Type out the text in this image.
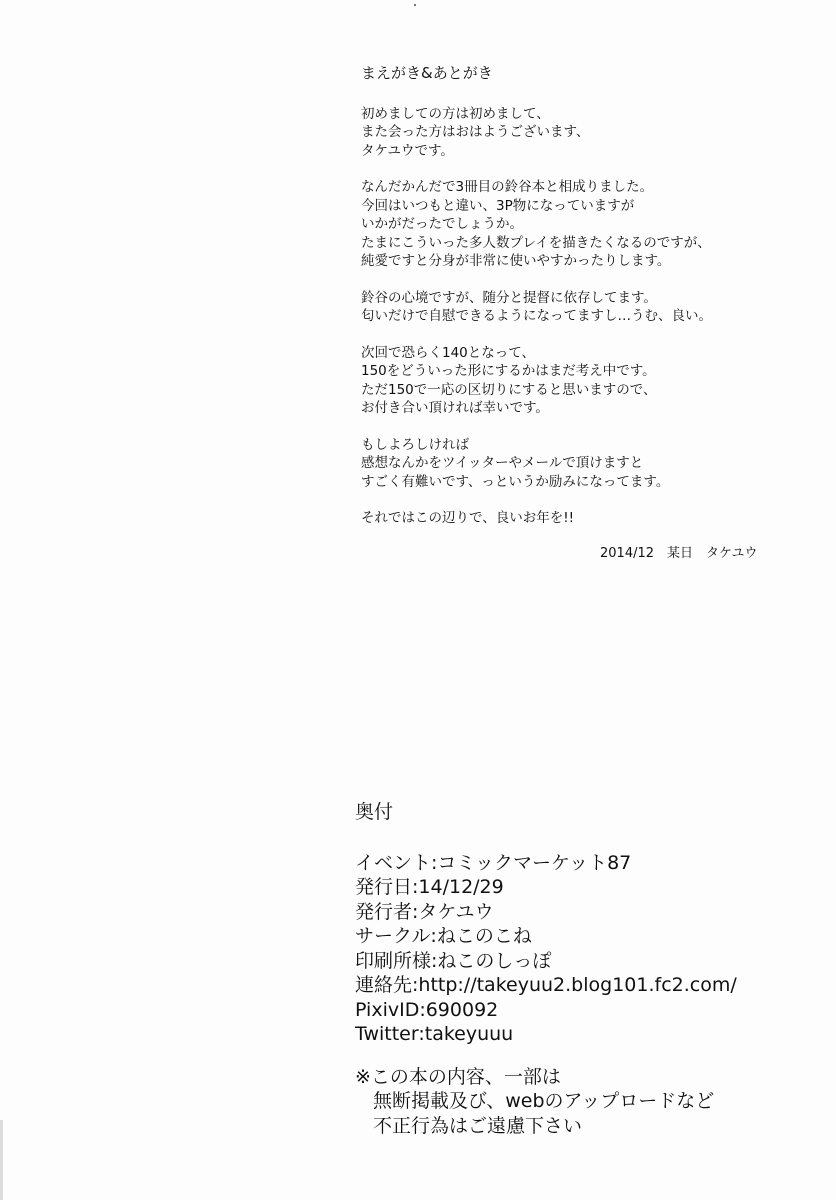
まえがき&あとがき
初めましての方は初めまして、
また会った方はおはようございます、
タケユウです。
なんだかんだで3冊目の鈴谷本と相成りました。
今回はいつもと違い、3P物になっていますが
いかがだったでしょうか。
たまにこういった多人数プレイを描きたくなるのですが、
純愛ですと分身が非常に使いやすかったりします。
鈴谷の心境ですが、随分と提督に依存してます。
匂いだけで自慰できるようになってますし…うむ、良い。
次回で恐らく140となって、
150をどういった形にするかはまだ考え中です。
ただ150で一応の区切りにすると思いますので、
お付き合い頂ければ幸いです。
もしよろしければ
感想なんかをツイッターやメールで頂けますと
すごく有難いです、っというか励みになってます。
それではこの辺りで、良いお年を!!
2014/12　某日　タケユウ
奥付
イベント:コミックマーケット87
発行日:14/12/29
発行者:タケユウ
サークル:ねこのこね
印刷所様:ねこのしっぽ
連絡先:http://takeyuu2.blog101.fc2.com/
PixivID:690092
Twitter:takeyuuu
※この本の内容、一部は
無断掲載及び、webのアップロードなど
不正行為はご遠慮下さい
